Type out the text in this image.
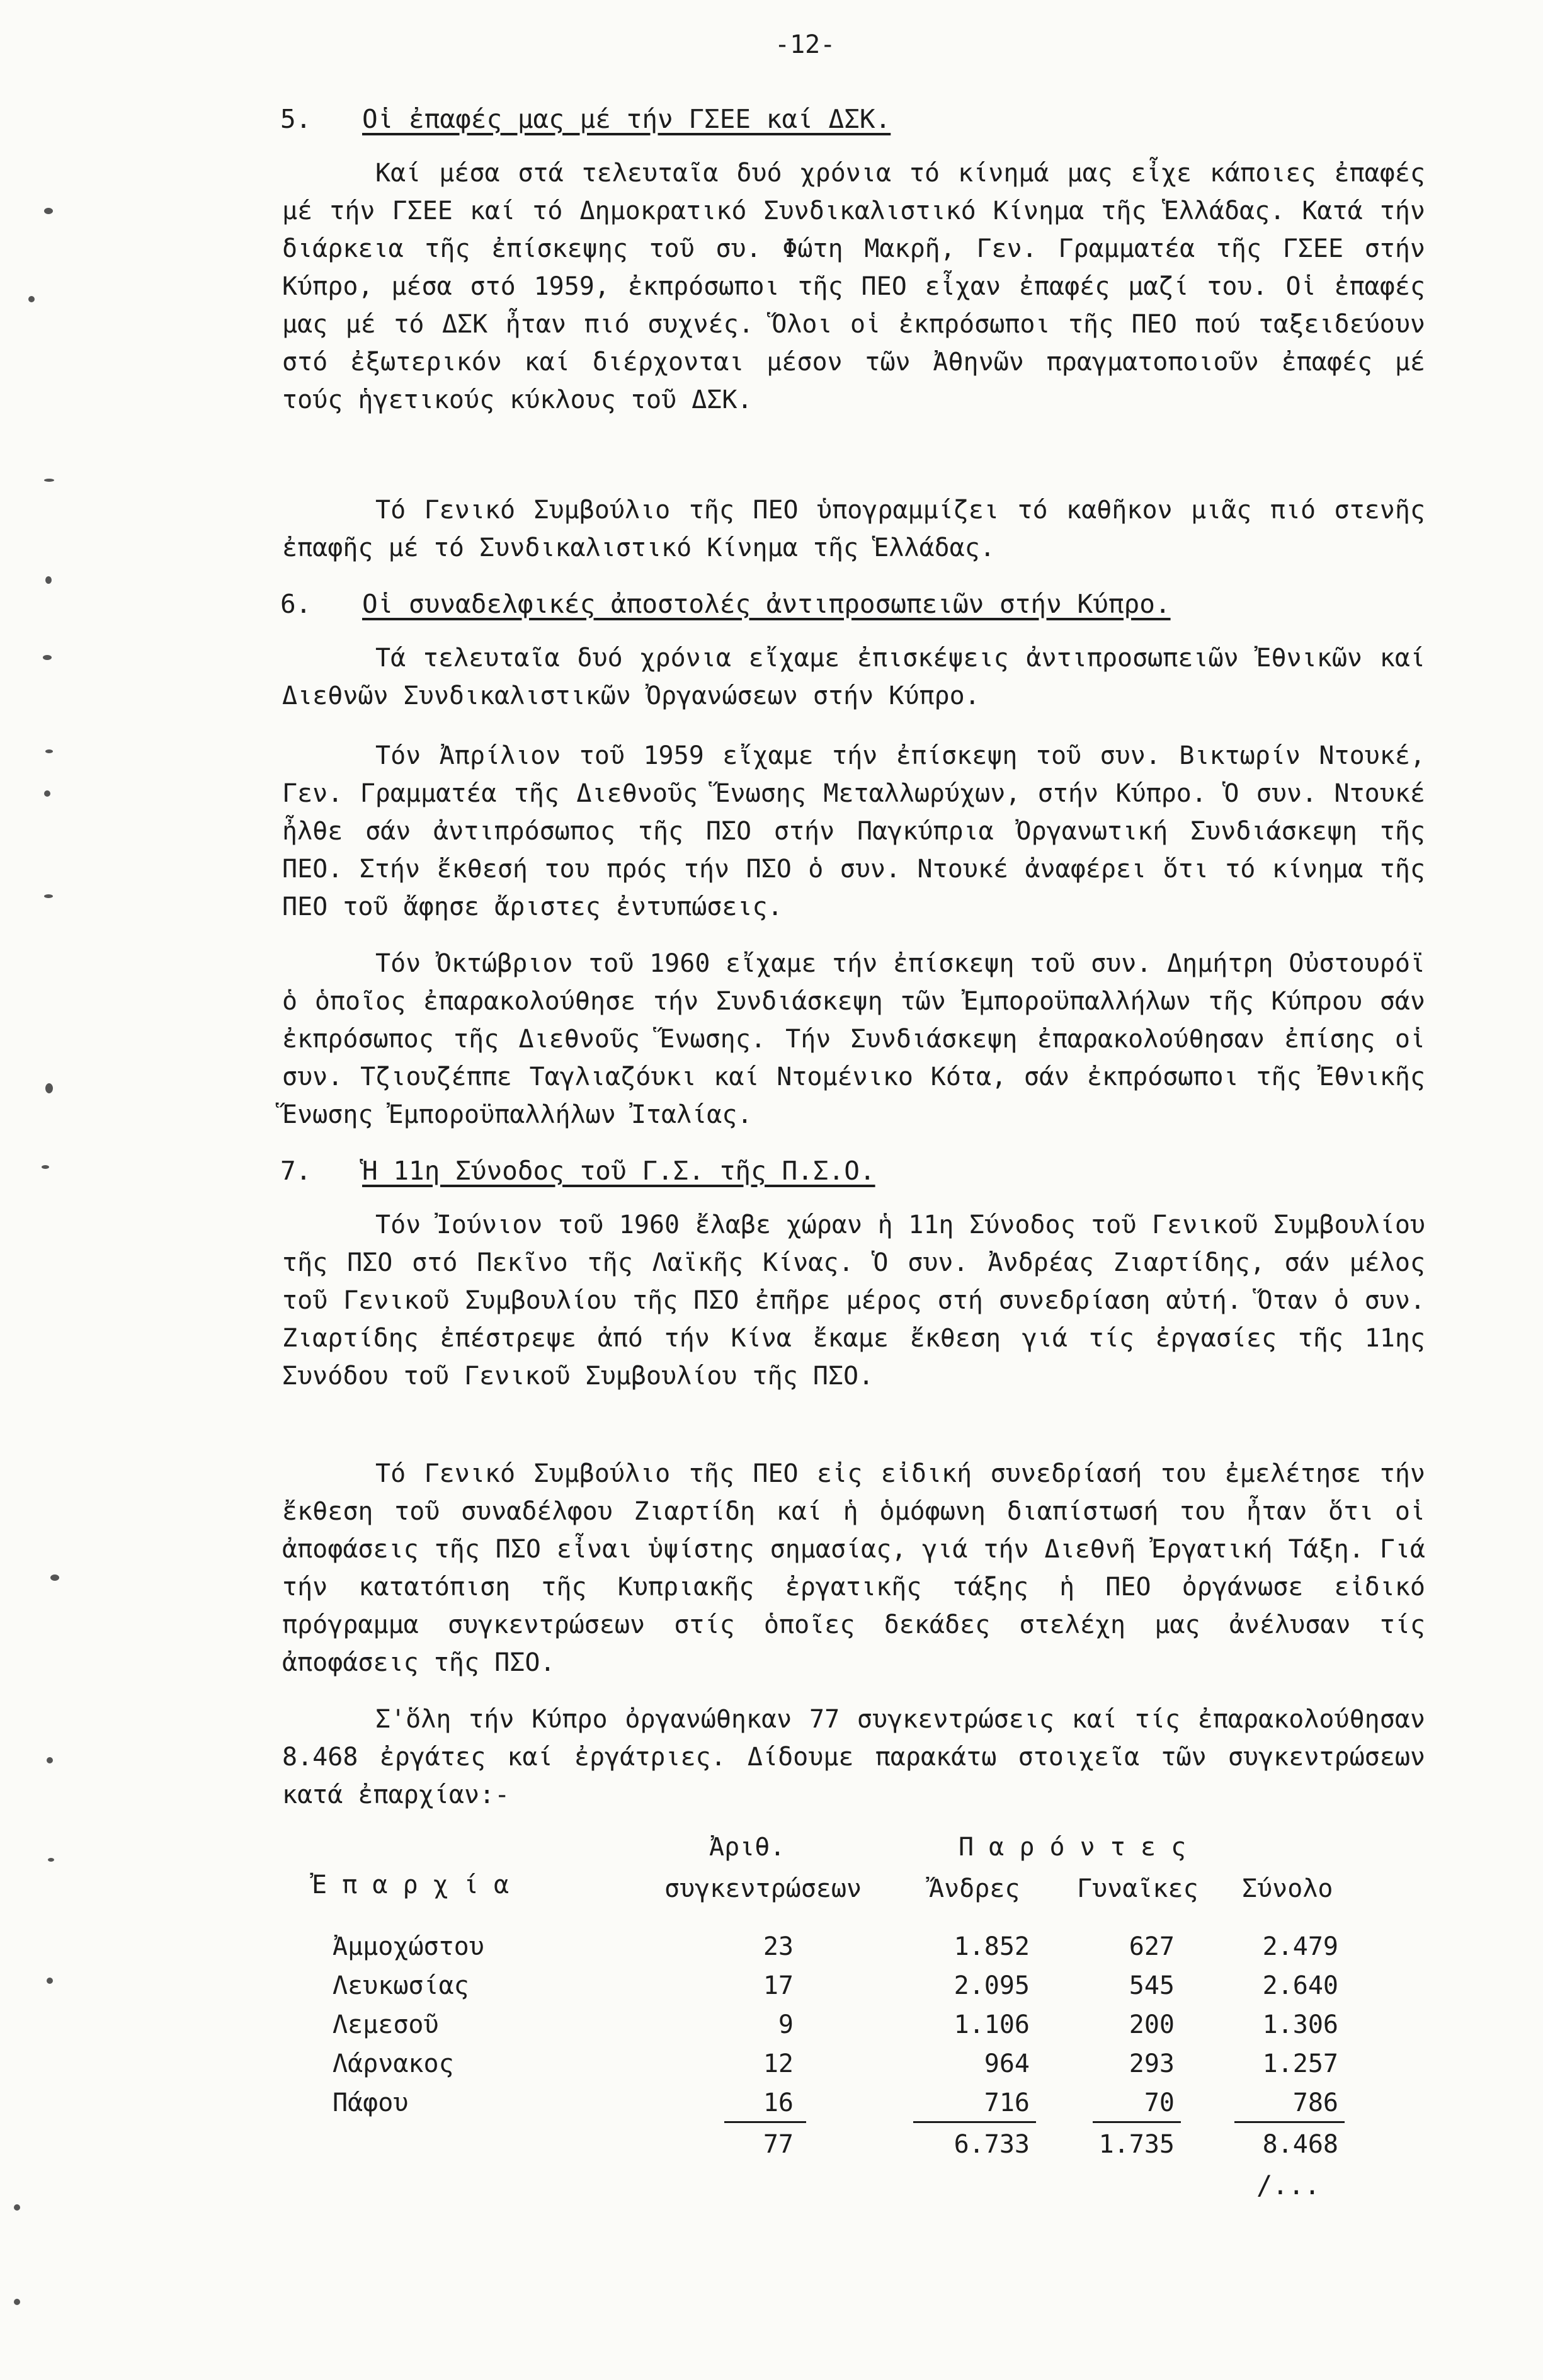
-12-
5. Οἱ ἐπαφές μας μέ τήν ΓΣΕΕ καί ΔΣΚ.

Καί μέσα στά τελευταῖα δυό χρόνια τό κίνημά μας εἶχε κάποιες ἐπαφές μέ τήν ΓΣΕΕ καί τό Δημοκρατικό Συνδικαλιστικό Κίνημα τῆς Ἑλλάδας. Κατά τήν διάρκεια τῆς ἐπίσκεψης τοῦ συ. Φώτη Μακρῆ, Γεν. Γραμματέα τῆς ΓΣΕΕ στήν Κύπρο, μέσα στό 1959, ἐκπρόσωποι τῆς ΠΕΟ εἶχαν ἐπαφές μαζί του. Οἱ ἐπαφές μας μέ τό ΔΣΚ ἦταν πιό συχνές. Ὅλοι οἱ ἐκπρόσωποι τῆς ΠΕΟ πού ταξειδεύουν στό ἐξωτερικόν καί διέρχονται μέσον τῶν Ἀθηνῶν πραγματοποιοῦν ἐπαφές μέ τούς ἡγετικούς κύκλους τοῦ ΔΣΚ.

Τό Γενικό Συμβούλιο τῆς ΠΕΟ ὑπογραμμίζει τό καθῆκον μιᾶς πιό στενῆς ἐπαφῆς μέ τό Συνδικαλιστικό Κίνημα τῆς Ἑλλάδας.

6. Οἱ συναδελφικές ἀποστολές ἀντιπροσωπειῶν στήν Κύπρο.

Τά τελευταῖα δυό χρόνια εἴχαμε ἐπισκέψεις ἀντιπροσωπειῶν Ἐθνικῶν καί Διεθνῶν Συνδικαλιστικῶν Ὀργανώσεων στήν Κύπρο.

Τόν Ἀπρίλιον τοῦ 1959 εἴχαμε τήν ἐπίσκεψη τοῦ συν. Βικτωρίν Ντουκέ, Γεν. Γραμματέα τῆς Διεθνοῦς Ἕνωσης Μεταλλωρύχων, στήν Κύπρο. Ὁ συν. Ντουκέ ἦλθε σάν ἀντιπρόσωπος τῆς ΠΣΟ στήν Παγκύπρια Ὀργανωτική Συνδιάσκεψη τῆς ΠΕΟ. Στήν ἔκθεσή του πρός τήν ΠΣΟ ὁ συν. Ντουκέ ἀναφέρει ὅτι τό κίνημα τῆς ΠΕΟ τοῦ ἄφησε ἄριστες ἐντυπώσεις.

Τόν Ὀκτώβριον τοῦ 1960 εἴχαμε τήν ἐπίσκεψη τοῦ συν. Δημήτρη Οὐστουρόϊ ὁ ὁποῖος ἐπαρακολούθησε τήν Συνδιάσκεψη τῶν Ἐμποροϋπαλλήλων τῆς Κύπρου σάν ἐκπρόσωπος τῆς Διεθνοῦς Ἕνωσης. Τήν Συνδιάσκεψη ἐπαρακολούθησαν ἐπίσης οἱ συν. Τζιουζέππε Ταγλιαζόυκι καί Ντομένικο Κότα, σάν ἐκπρόσωποι τῆς Ἐθνικῆς Ἕνωσης Ἐμποροϋπαλλήλων Ἰταλίας.

7. Ἡ 11η Σύνοδος τοῦ Γ.Σ. τῆς Π.Σ.Ο.

Τόν Ἰούνιον τοῦ 1960 ἔλαβε χώραν ἡ 11η Σύνοδος τοῦ Γενικοῦ Συμβουλίου τῆς ΠΣΟ στό Πεκῖνο τῆς Λαϊκῆς Κίνας. Ὁ συν. Ἀνδρέας Ζιαρτίδης, σάν μέλος τοῦ Γενικοῦ Συμβουλίου τῆς ΠΣΟ ἐπῆρε μέρος στή συνεδρίαση αὐτή. Ὅταν ὁ συν. Ζιαρτίδης ἐπέστρεψε ἀπό τήν Κίνα ἔκαμε ἔκθεση γιά τίς ἐργασίες τῆς 11ης Συνόδου τοῦ Γενικοῦ Συμβουλίου τῆς ΠΣΟ.

Τό Γενικό Συμβούλιο τῆς ΠΕΟ εἰς εἰδική συνεδρίασή του ἐμελέτησε τήν ἔκθεση τοῦ συναδέλφου Ζιαρτίδη καί ἡ ὁμόφωνη διαπίστωσή του ἦταν ὅτι οἱ ἀποφάσεις τῆς ΠΣΟ εἶναι ὑψίστης σημασίας, γιά τήν Διεθνῆ Ἐργατική Τάξη. Γιά τήν κατατόπιση τῆς Κυπριακῆς ἐργατικῆς τάξης ἡ ΠΕΟ ὀργάνωσε εἰδικό πρόγραμμα συγκεντρώσεων στίς ὁποῖες δεκάδες στελέχη μας ἀνέλυσαν τίς ἀποφάσεις τῆς ΠΣΟ.

Σ'ὅλη τήν Κύπρο ὀργανώθηκαν 77 συγκεντρώσεις καί τίς ἐπαρακολούθησαν 8.468 ἐργάτες καί ἐργάτριες. Δίδουμε παρακάτω στοιχεῖα τῶν συγκεντρώσεων κατά ἐπαρχίαν:-

Ἀριθ.	Π α ρ ό ν τ ε ς
Ἐ π α ρ χ ί α	συγκεντρώσεων	Ἄνδρες Γυναῖκες Σύνολο
Ἀμμοχώστου	23	1.852	627	2.479
Λευκωσίας	17	2.095	545	2.640
Λεμεσοῦ	9	1.106	200	1.306
Λάρνακος	12	964	293	1.257
Πάφου	16	716	70	786
77	6.733	1.735	8.468
/...
